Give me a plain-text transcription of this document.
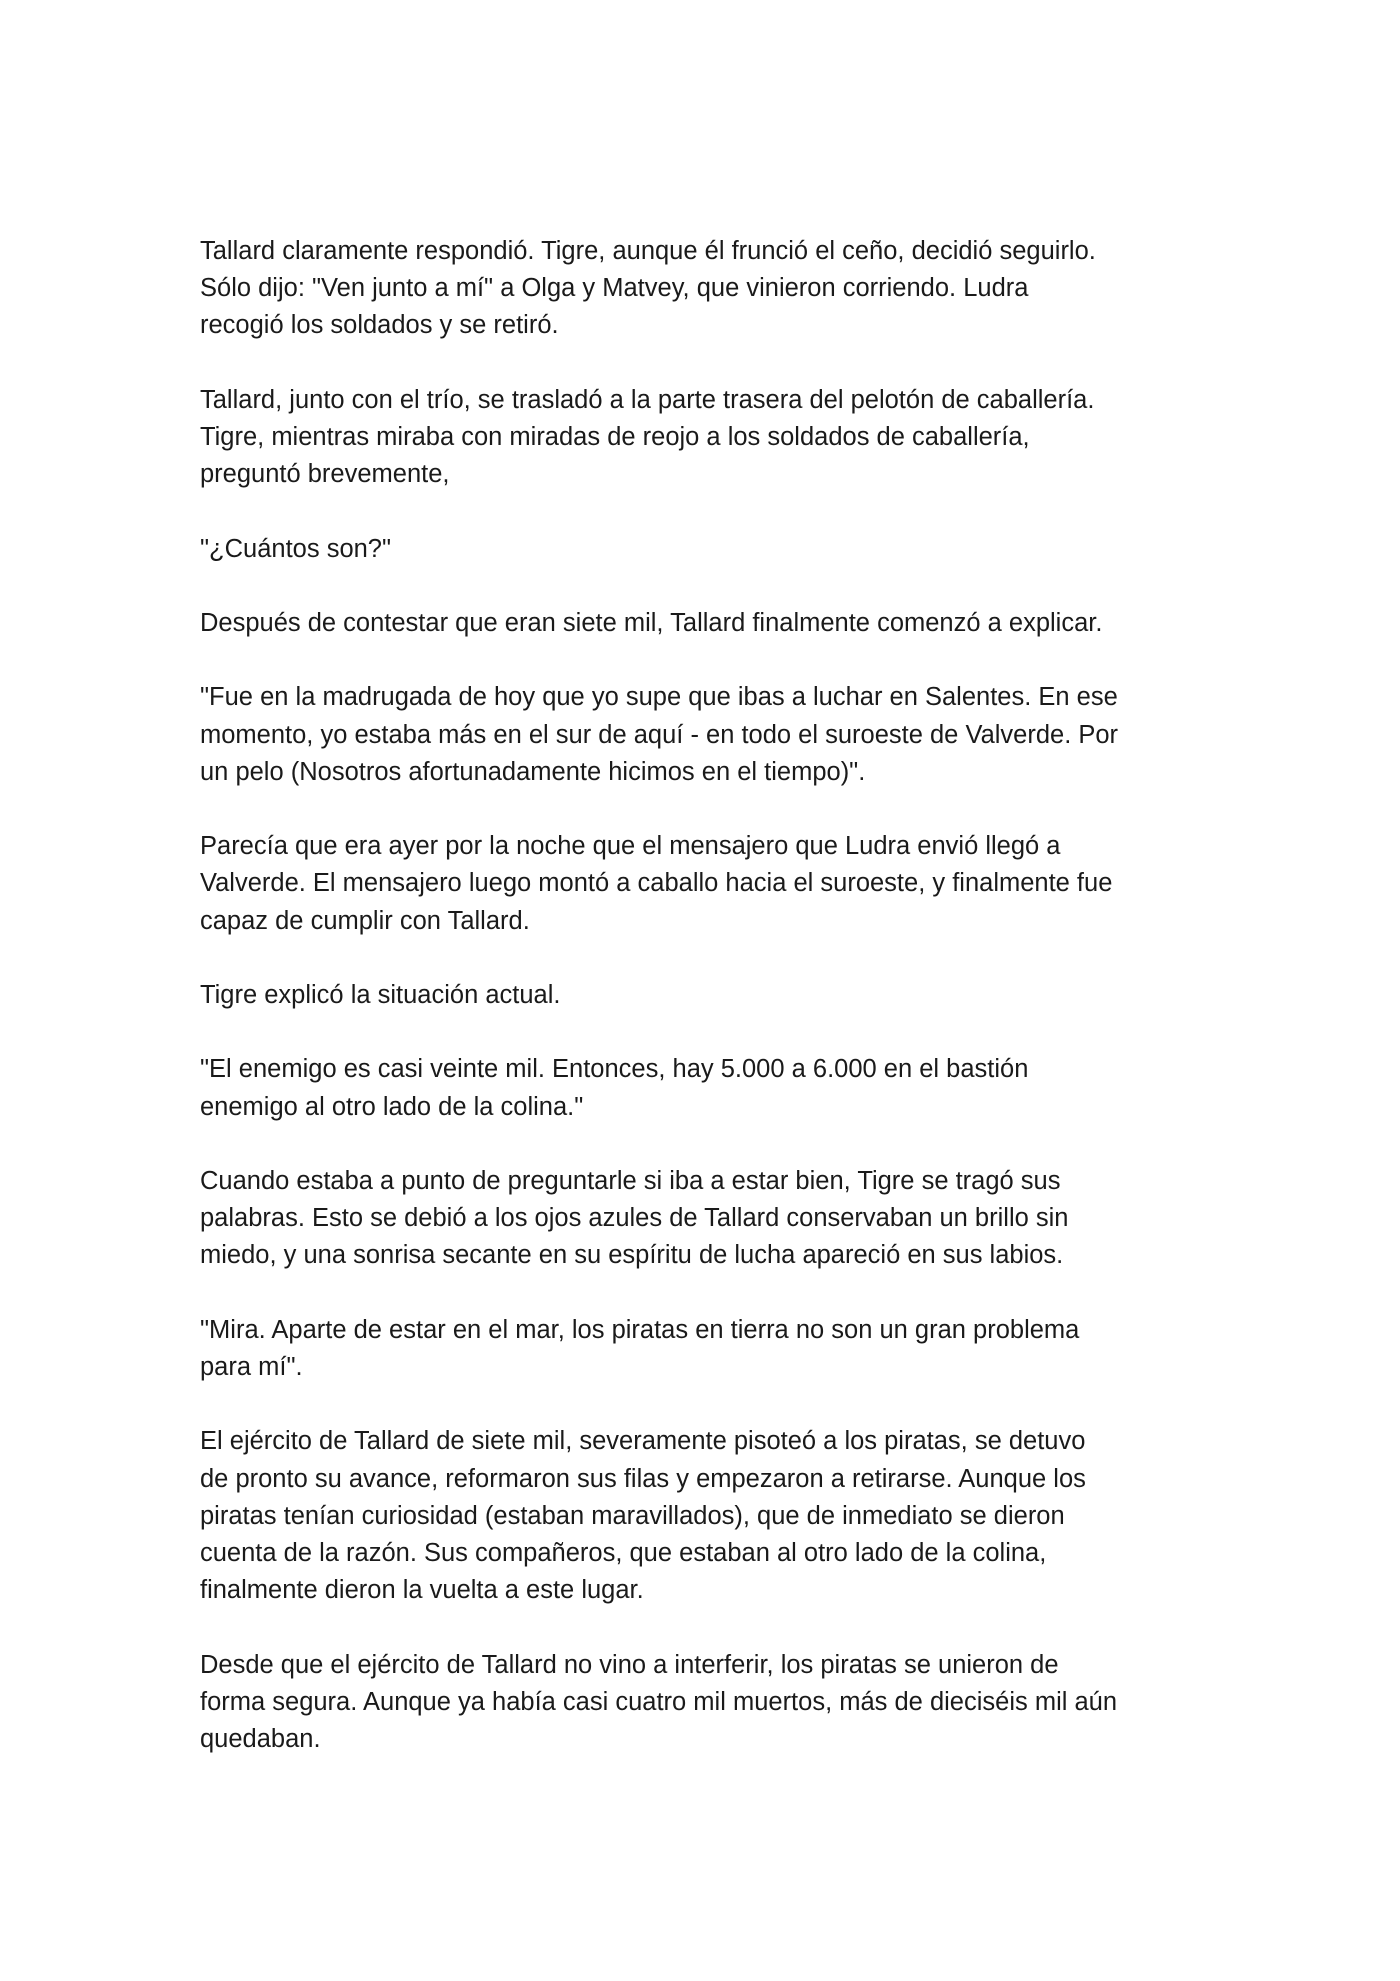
Tallard claramente respondió. Tigre, aunque él frunció el ceño, decidió seguirlo.
Sólo dijo: "Ven junto a mí" a Olga y Matvey, que vinieron corriendo. Ludra
recogió los soldados y se retiró.

Tallard, junto con el trío, se trasladó a la parte trasera del pelotón de caballería.
Tigre, mientras miraba con miradas de reojo a los soldados de caballería,
preguntó brevemente,

"¿Cuántos son?"

Después de contestar que eran siete mil, Tallard finalmente comenzó a explicar.

"Fue en la madrugada de hoy que yo supe que ibas a luchar en Salentes. En ese
momento, yo estaba más en el sur de aquí - en todo el suroeste de Valverde. Por
un pelo (Nosotros afortunadamente hicimos en el tiempo)".

Parecía que era ayer por la noche que el mensajero que Ludra envió llegó a
Valverde. El mensajero luego montó a caballo hacia el suroeste, y finalmente fue
capaz de cumplir con Tallard.

Tigre explicó la situación actual.

"El enemigo es casi veinte mil. Entonces, hay 5.000 a 6.000 en el bastión
enemigo al otro lado de la colina."

Cuando estaba a punto de preguntarle si iba a estar bien, Tigre se tragó sus
palabras. Esto se debió a los ojos azules de Tallard conservaban un brillo sin
miedo, y una sonrisa secante en su espíritu de lucha apareció en sus labios.

"Mira. Aparte de estar en el mar, los piratas en tierra no son un gran problema
para mí".

El ejército de Tallard de siete mil, severamente pisoteó a los piratas, se detuvo
de pronto su avance, reformaron sus filas y empezaron a retirarse. Aunque los
piratas tenían curiosidad (estaban maravillados), que de inmediato se dieron
cuenta de la razón. Sus compañeros, que estaban al otro lado de la colina,
finalmente dieron la vuelta a este lugar.

Desde que el ejército de Tallard no vino a interferir, los piratas se unieron de
forma segura. Aunque ya había casi cuatro mil muertos, más de dieciséis mil aún
quedaban.
